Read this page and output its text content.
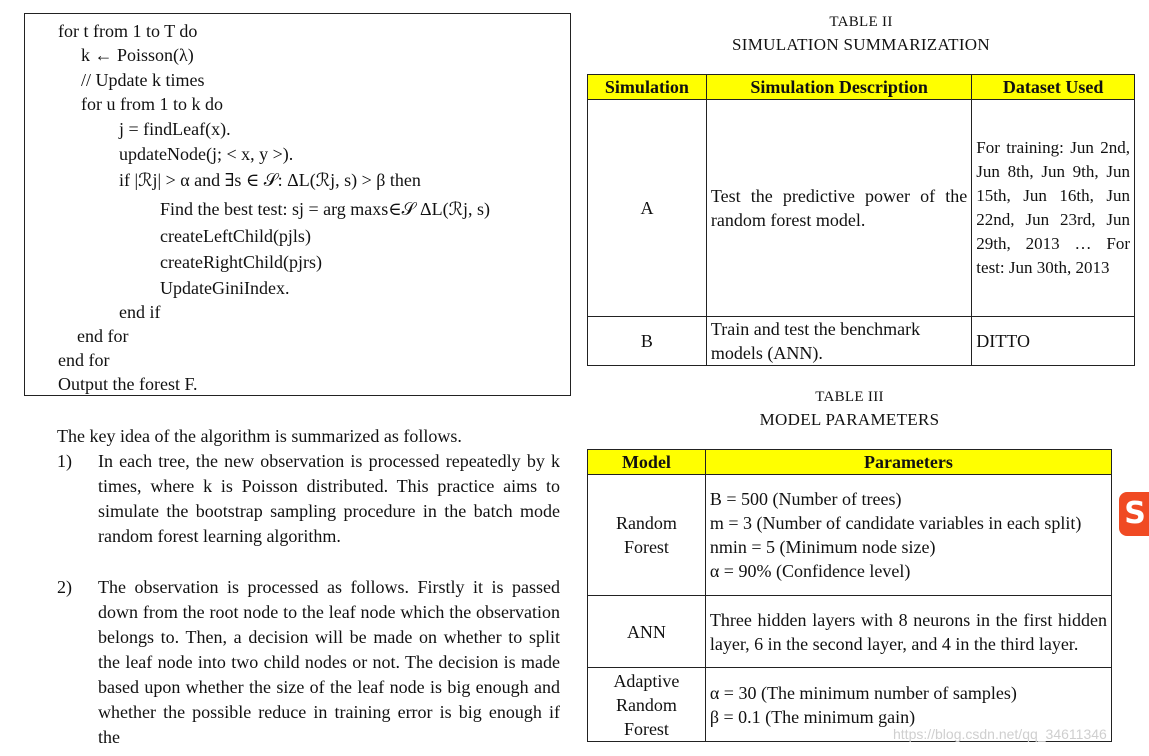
for t from 1 to T do
k ← Poisson(λ)
// Update k times
for u from 1 to k do
j = findLeaf(x).
updateNode(j; < x, y >).
if |ℛj| > α and ∃s ∈ 𝒮: ΔL(ℛj, s) > β then
Find the best test: sj = arg maxs∈𝒮 ΔL(ℛj, s)
createLeftChild(pjls)
createRightChild(pjrs)
UpdateGiniIndex.
end if
end for
end for
Output the forest F.
The key idea of the algorithm is summarized as follows.
1) In each tree, the new observation is processed repeatedly by k times, where k is Poisson distributed. This practice aims to simulate the bootstrap sampling procedure in the batch mode random forest learning algorithm.
2) The observation is processed as follows. Firstly it is passed down from the root node to the leaf node which the observation belongs to. Then, a decision will be made on whether to split the leaf node into two child nodes or not. The decision is made based upon whether the size of the leaf node is big enough and whether the possible reduce in training error is big enough if the
TABLE II
SIMULATION SUMMARIZATION
Simulation	Simulation Description	Dataset Used
A	Test the predictive power of the random forest model.	For training: Jun 2nd, Jun 8th, Jun 9th, Jun 15th, Jun 16th, Jun 22nd, Jun 23rd, Jun 29th, 2013 … For test: Jun 30th, 2013
B	Train and test the benchmark models (ANN).	DITTO
TABLE III
MODEL PARAMETERS
Model	Parameters
Random Forest	B = 500 (Number of trees)
m = 3 (Number of candidate variables in each split)
nmin = 5 (Minimum node size)
α = 90% (Confidence level)

ANN	Three hidden layers with 8 neurons in the first hidden layer, 6 in the second layer, and 4 in the third layer.
Adaptive Random Forest	α = 30 (The minimum number of samples)
β = 0.1 (The minimum gain)
S
https://blog.csdn.net/qq_34611346
